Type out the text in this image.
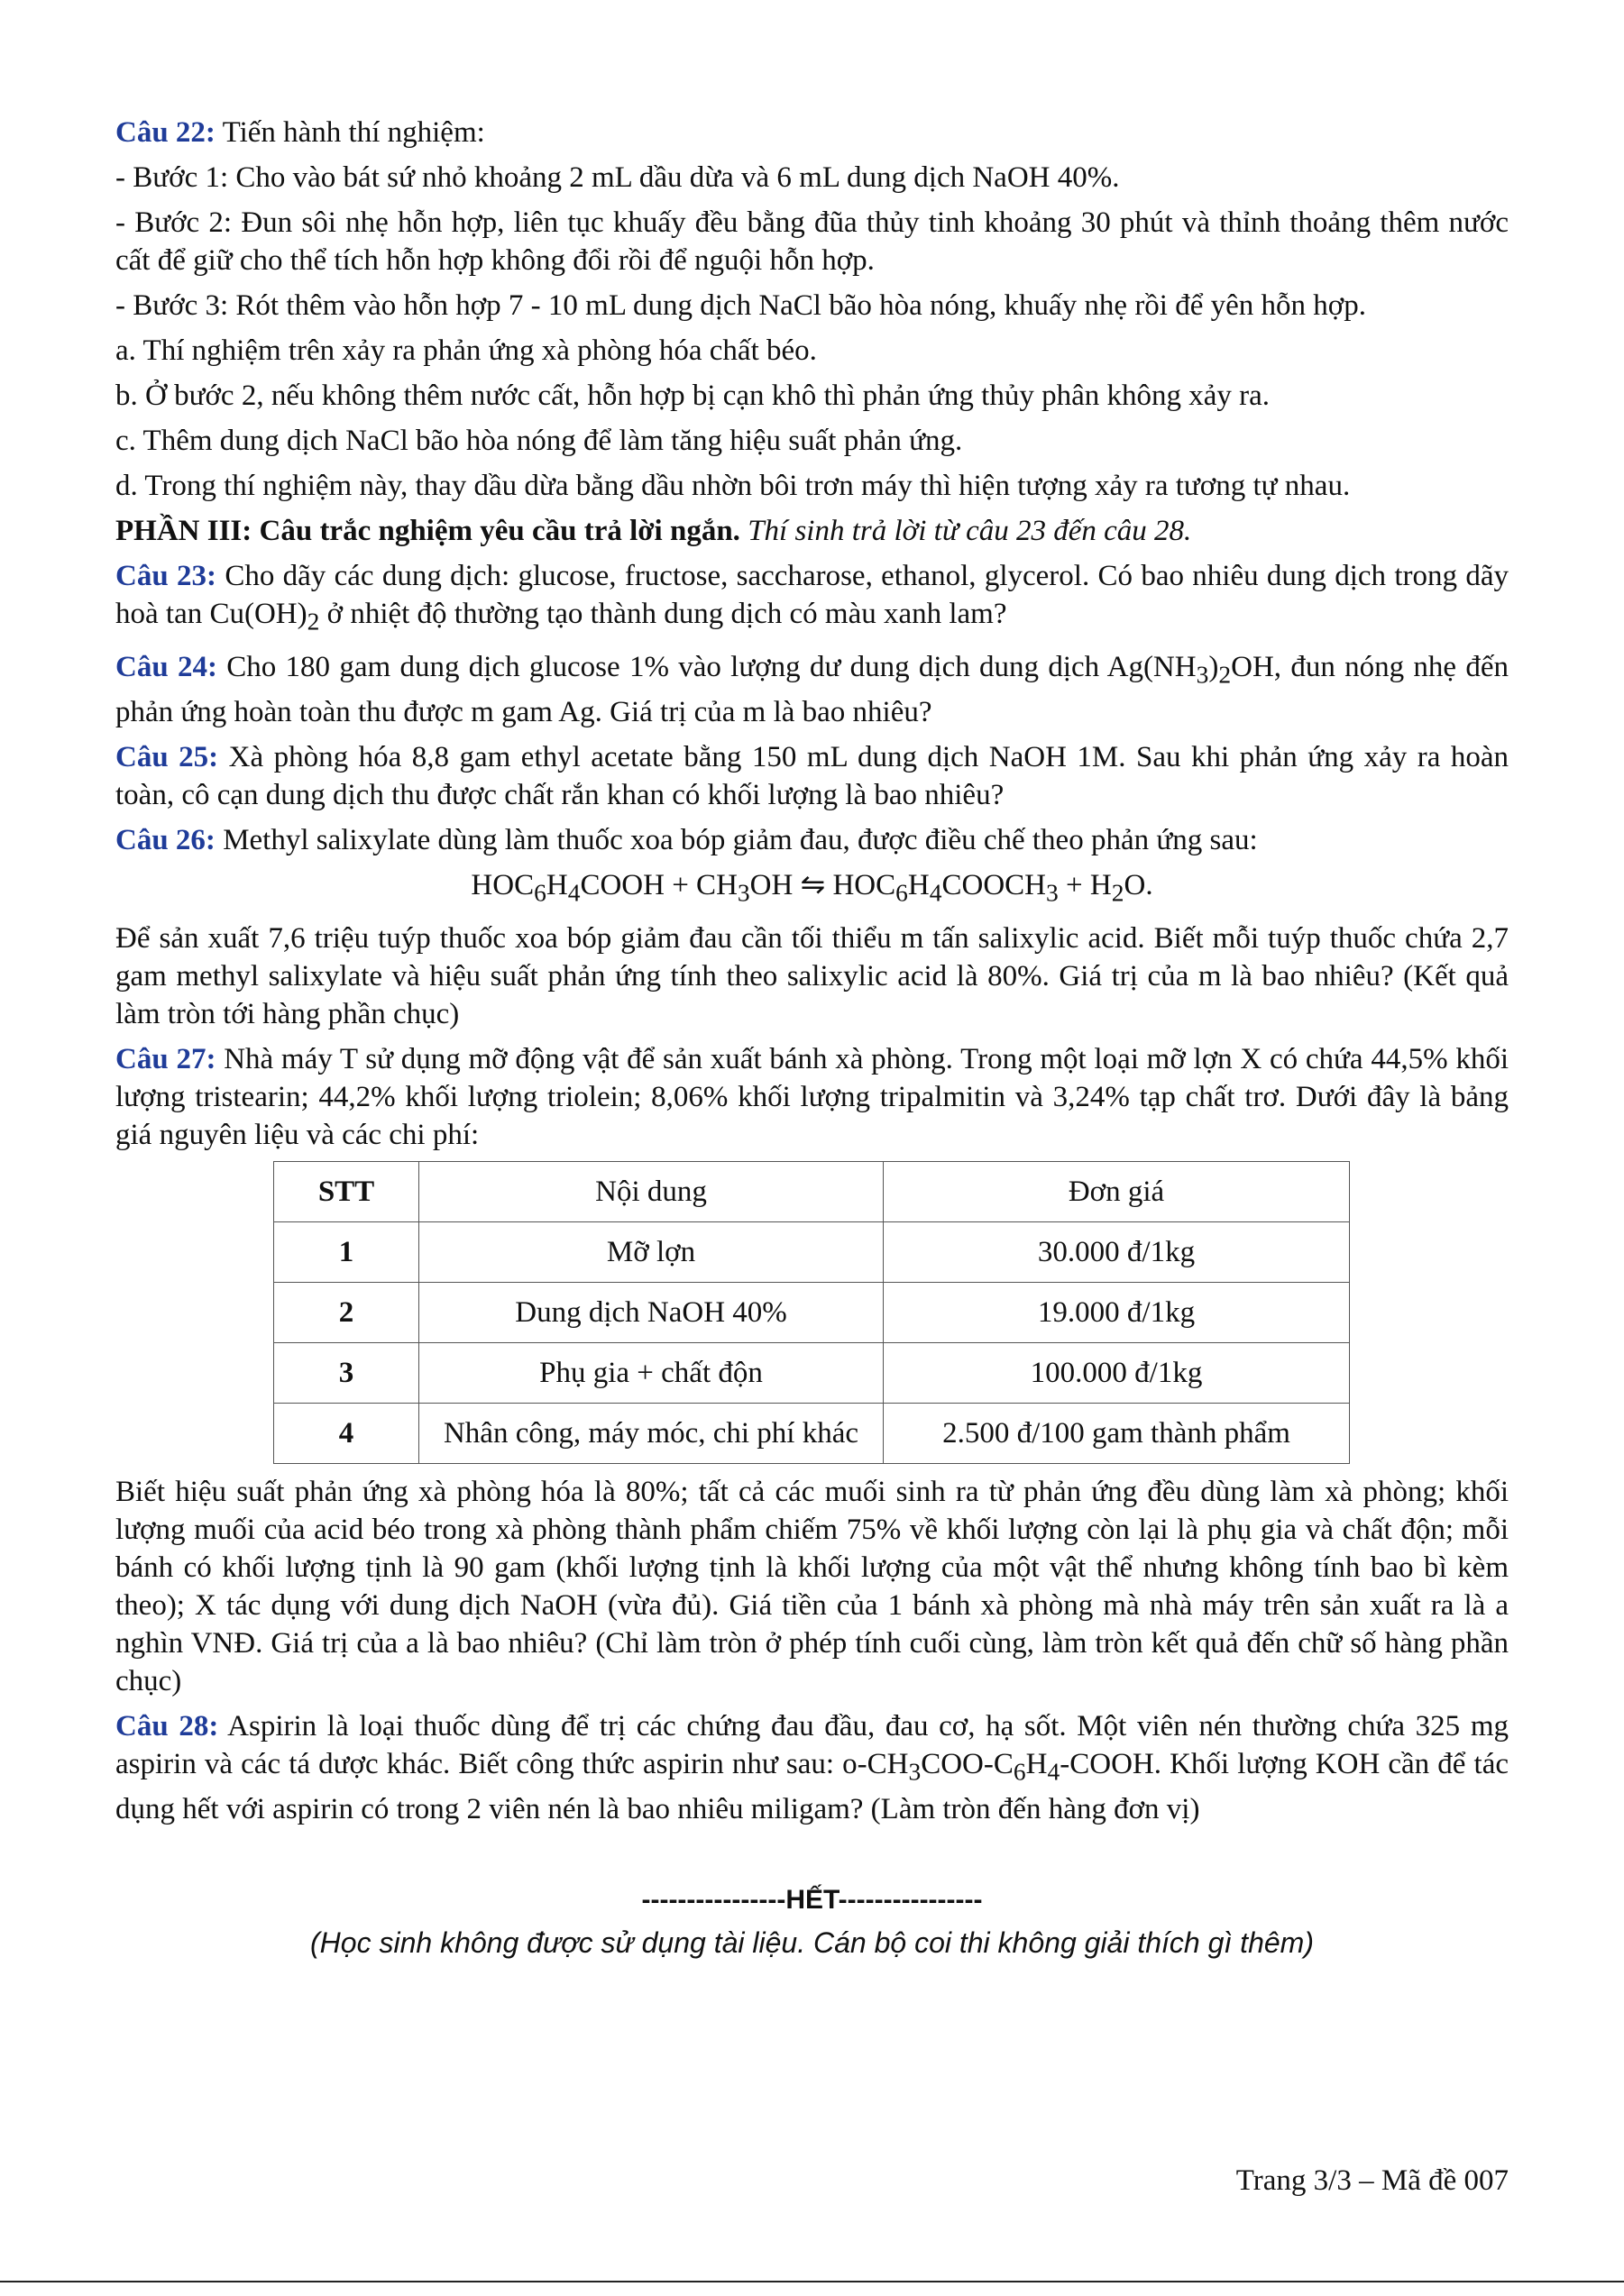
Câu 22: Tiến hành thí nghiệm:

- Bước 1: Cho vào bát sứ nhỏ khoảng 2 mL dầu dừa và 6 mL dung dịch NaOH 40%.

- Bước 2: Đun sôi nhẹ hỗn hợp, liên tục khuấy đều bằng đũa thủy tinh khoảng 30 phút và thỉnh thoảng thêm nước cất để giữ cho thể tích hỗn hợp không đổi rồi để nguội hỗn hợp.

- Bước 3: Rót thêm vào hỗn hợp 7 - 10 mL dung dịch NaCl bão hòa nóng, khuấy nhẹ rồi để yên hỗn hợp.

a. Thí nghiệm trên xảy ra phản ứng xà phòng hóa chất béo.

b. Ở bước 2, nếu không thêm nước cất, hỗn hợp bị cạn khô thì phản ứng thủy phân không xảy ra.

c. Thêm dung dịch NaCl bão hòa nóng để làm tăng hiệu suất phản ứng.

d. Trong thí nghiệm này, thay dầu dừa bằng dầu nhờn bôi trơn máy thì hiện tượng xảy ra tương tự nhau.

PHẦN III: Câu trắc nghiệm yêu cầu trả lời ngắn. Thí sinh trả lời từ câu 23 đến câu 28.

Câu 23: Cho dãy các dung dịch: glucose, fructose, saccharose, ethanol, glycerol. Có bao nhiêu dung dịch trong dãy hoà $\tan Cu(OH)_2$ ở nhiệt độ thường tạo thành dung dịch có màu xanh lam?

Câu 24: Cho 180 gam dung dịch glucose 1% vào lượng dư dung dịch dung dịch $Ag(NH_3)_2OH$, đun nóng nhẹ đến phản ứng hoàn toàn thu được m gam Ag. Giá trị của m là bao nhiêu?

Câu 25: Xà phòng hóa 8,8 gam ethyl acetate bằng 150 mL dung dịch NaOH 1M. Sau khi phản ứng xảy ra hoàn toàn, cô cạn dung dịch thu được chất rắn khan có khối lượng là bao nhiêu?

Câu 26: Methyl salixylate dùng làm thuốc xoa bóp giảm đau, được điều chế theo phản ứng sau:

$HOC_6H_4COOH + CH_3OH$ ⇋ $HOC_6H_4COOCH_3 + H_2O$.

Để sản xuất 7,6 triệu tuýp thuốc xoa bóp giảm đau cần tối thiểu m tấn salixylic acid. Biết mỗi tuýp thuốc chứa 2,7 gam methyl salixylate và hiệu suất phản ứng tính theo salixylic acid là 80%. Giá trị của m là bao nhiêu? (Kết quả làm tròn tới hàng phần chục)

Câu 27: Nhà máy T sử dụng mỡ động vật để sản xuất bánh xà phòng. Trong một loại mỡ lợn X có chứa 44,5% khối lượng tristearin; 44,2% khối lượng triolein; 8,06% khối lượng tripalmitin và 3,24% tạp chất trơ. Dưới đây là bảng giá nguyên liệu và các chi phí:

STT	Nội dung	Đơn giá
1	Mỡ lợn	30.000 đ/1kg
2	Dung dịch NaOH 40%	19.000 đ/1kg
3	Phụ gia + chất độn	100.000 đ/1kg
4	Nhân công, máy móc, chi phí khác	2.500 đ/100 gam thành phẩm

Biết hiệu suất phản ứng xà phòng hóa là 80%; tất cả các muối sinh ra từ phản ứng đều dùng làm xà phòng; khối lượng muối của acid béo trong xà phòng thành phẩm chiếm 75% về khối lượng còn lại là phụ gia và chất độn; mỗi bánh có khối lượng tịnh là 90 gam (khối lượng tịnh là khối lượng của một vật thể nhưng không tính bao bì kèm theo); X tác dụng với dung dịch NaOH (vừa đủ). Giá tiền của 1 bánh xà phòng mà nhà máy trên sản xuất ra là a nghìn VNĐ. Giá trị của a là bao nhiêu? (Chỉ làm tròn ở phép tính cuối cùng, làm tròn kết quả đến chữ số hàng phần chục)

Câu 28: Aspirin là loại thuốc dùng để trị các chứng đau đầu, đau cơ, hạ sốt. Một viên nén thường chứa 325 mg aspirin và các tá dược khác. Biết công thức aspirin như sau: $o-CH_3COO-C_6H_4$-COOH. Khối lượng KOH cần để tác dụng hết với aspirin có trong 2 viên nén là bao nhiêu miligam? (Làm tròn đến hàng đơn vị)

----------------HẾT----------------
(Học sinh không được sử dụng tài liệu. Cán bộ coi thi không giải thích gì thêm)
Trang 3/3 – Mã đề 007
